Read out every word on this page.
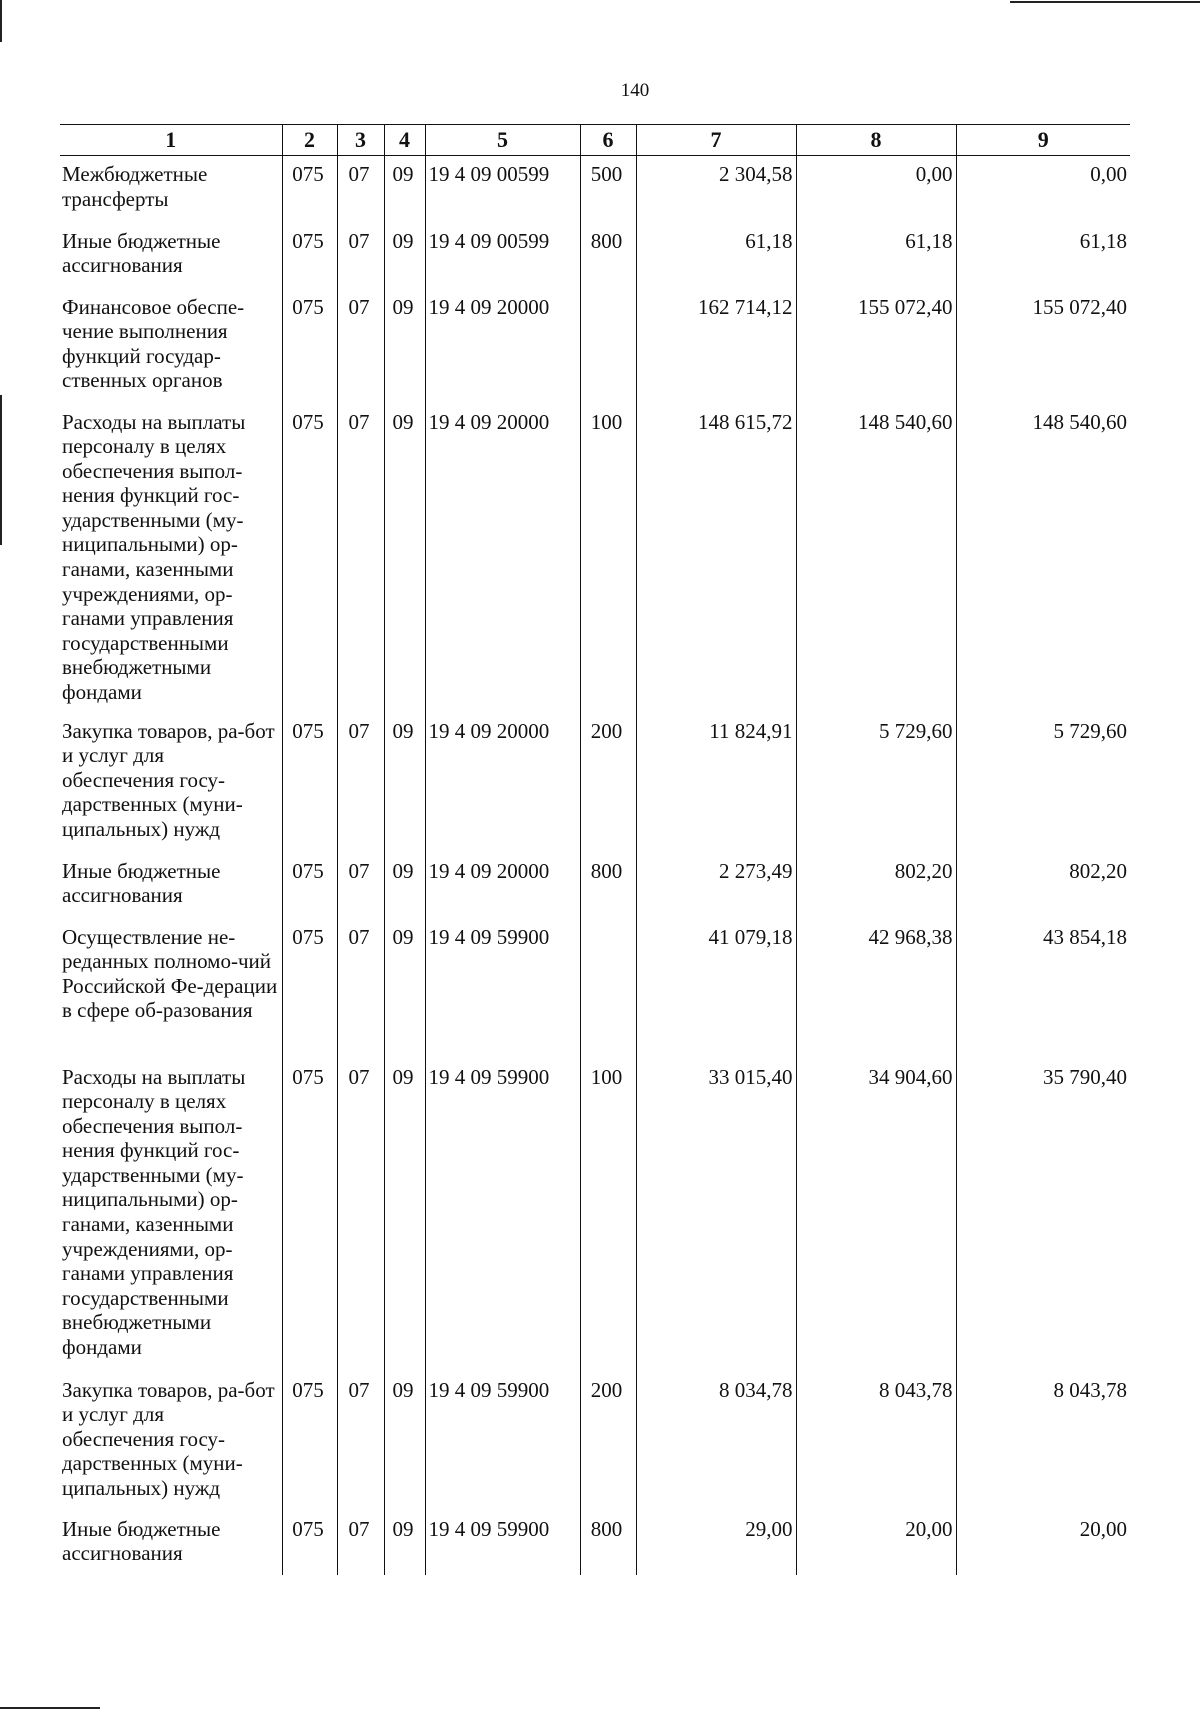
140
1	2	3	4	5	6	7	8	9
Межбюджетные трансферты	075	07	09	19 4 09 00599	500	2 304,58	0,00	0,00
Иные бюджетные ассигнования	075	07	09	19 4 09 00599	800	61,18	61,18	61,18
Финансовое обеспе-чение выполнения функций государ-ственных органов	075	07	09	19 4 09 20000		162 714,12	155 072,40	155 072,40
Расходы на выплаты персоналу в целях обеспечения выпол-нения функций гос-ударственными (му-ниципальными) ор-ганами, казенными учреждениями, ор-ганами управления государственными внебюджетными фондами	075	07	09	19 4 09 20000	100	148 615,72	148 540,60	148 540,60
Закупка товаров, ра-бот и услуг для обеспечения госу-дарственных (муни-ципальных) нужд	075	07	09	19 4 09 20000	200	11 824,91	5 729,60	5 729,60
Иные бюджетные ассигнования	075	07	09	19 4 09 20000	800	2 273,49	802,20	802,20
Осуществление не-реданных полномо-чий Российской Фе-дерации в сфере об-разования	075	07	09	19 4 09 59900		41 079,18	42 968,38	43 854,18
Расходы на выплаты персоналу в целях обеспечения выпол-нения функций гос-ударственными (му-ниципальными) ор-ганами, казенными учреждениями, ор-ганами управления государственными внебюджетными фондами	075	07	09	19 4 09 59900	100	33 015,40	34 904,60	35 790,40
Закупка товаров, ра-бот и услуг для обеспечения госу-дарственных (муни-ципальных) нужд	075	07	09	19 4 09 59900	200	8 034,78	8 043,78	8 043,78
Иные бюджетные ассигнования	075	07	09	19 4 09 59900	800	29,00	20,00	20,00
